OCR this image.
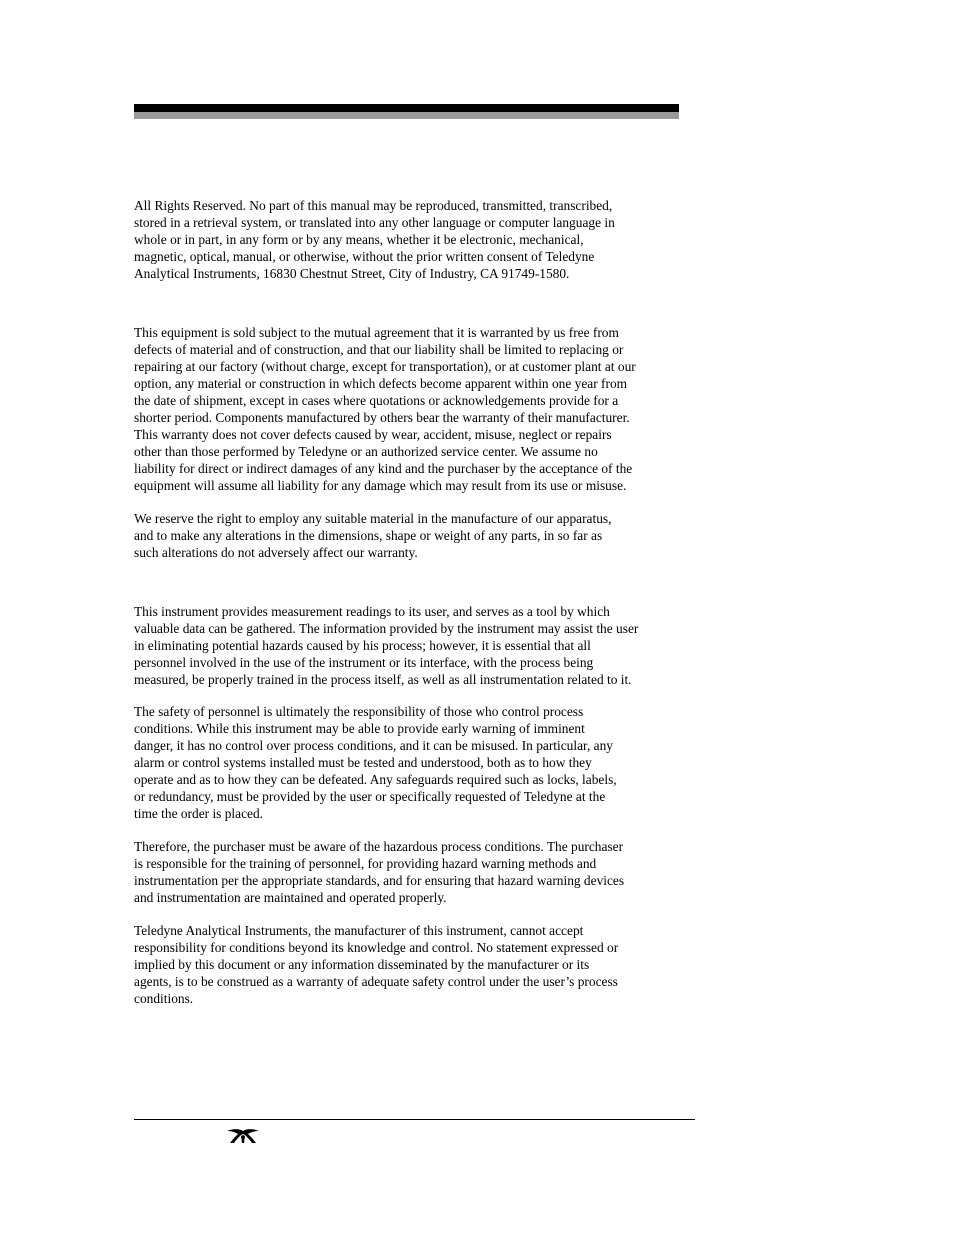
All Rights Reserved. No part of this manual may be reproduced, transmitted, transcribed,
stored in a retrieval system, or translated into any other language or computer language in
whole or in part, in any form or by any means, whether it be electronic, mechanical,
magnetic, optical, manual, or otherwise, without the prior written consent of Teledyne
Analytical Instruments, 16830 Chestnut Street, City of Industry, CA 91749-1580.

This equipment is sold subject to the mutual agreement that it is warranted by us free from
defects of material and of construction, and that our liability shall be limited to replacing or
repairing at our factory (without charge, except for transportation), or at customer plant at our
option, any material or construction in which defects become apparent within one year from
the date of shipment, except in cases where quotations or acknowledgements provide for a
shorter period. Components manufactured by others bear the warranty of their manufacturer.
This warranty does not cover defects caused by wear, accident, misuse, neglect or repairs
other than those performed by Teledyne or an authorized service center. We assume no
liability for direct or indirect damages of any kind and the purchaser by the acceptance of the
equipment will assume all liability for any damage which may result from its use or misuse.

We reserve the right to employ any suitable material in the manufacture of our apparatus,
and to make any alterations in the dimensions, shape or weight of any parts, in so far as
such alterations do not adversely affect our warranty.

This instrument provides measurement readings to its user, and serves as a tool by which
valuable data can be gathered. The information provided by the instrument may assist the user
in eliminating potential hazards caused by his process; however, it is essential that all
personnel involved in the use of the instrument or its interface, with the process being
measured, be properly trained in the process itself, as well as all instrumentation related to it.

The safety of personnel is ultimately the responsibility of those who control process
conditions. While this instrument may be able to provide early warning of imminent
danger, it has no control over process conditions, and it can be misused. In particular, any
alarm or control systems installed must be tested and understood, both as to how they
operate and as to how they can be defeated. Any safeguards required such as locks, labels,
or redundancy, must be provided by the user or specifically requested of Teledyne at the
time the order is placed.

Therefore, the purchaser must be aware of the hazardous process conditions. The purchaser
is responsible for the training of personnel, for providing hazard warning methods and
instrumentation per the appropriate standards, and for ensuring that hazard warning devices
and instrumentation are maintained and operated properly.

Teledyne Analytical Instruments, the manufacturer of this instrument, cannot accept
responsibility for conditions beyond its knowledge and control. No statement expressed or
implied by this document or any information disseminated by the manufacturer or its
agents, is to be construed as a warranty of adequate safety control under the user’s process
conditions.
